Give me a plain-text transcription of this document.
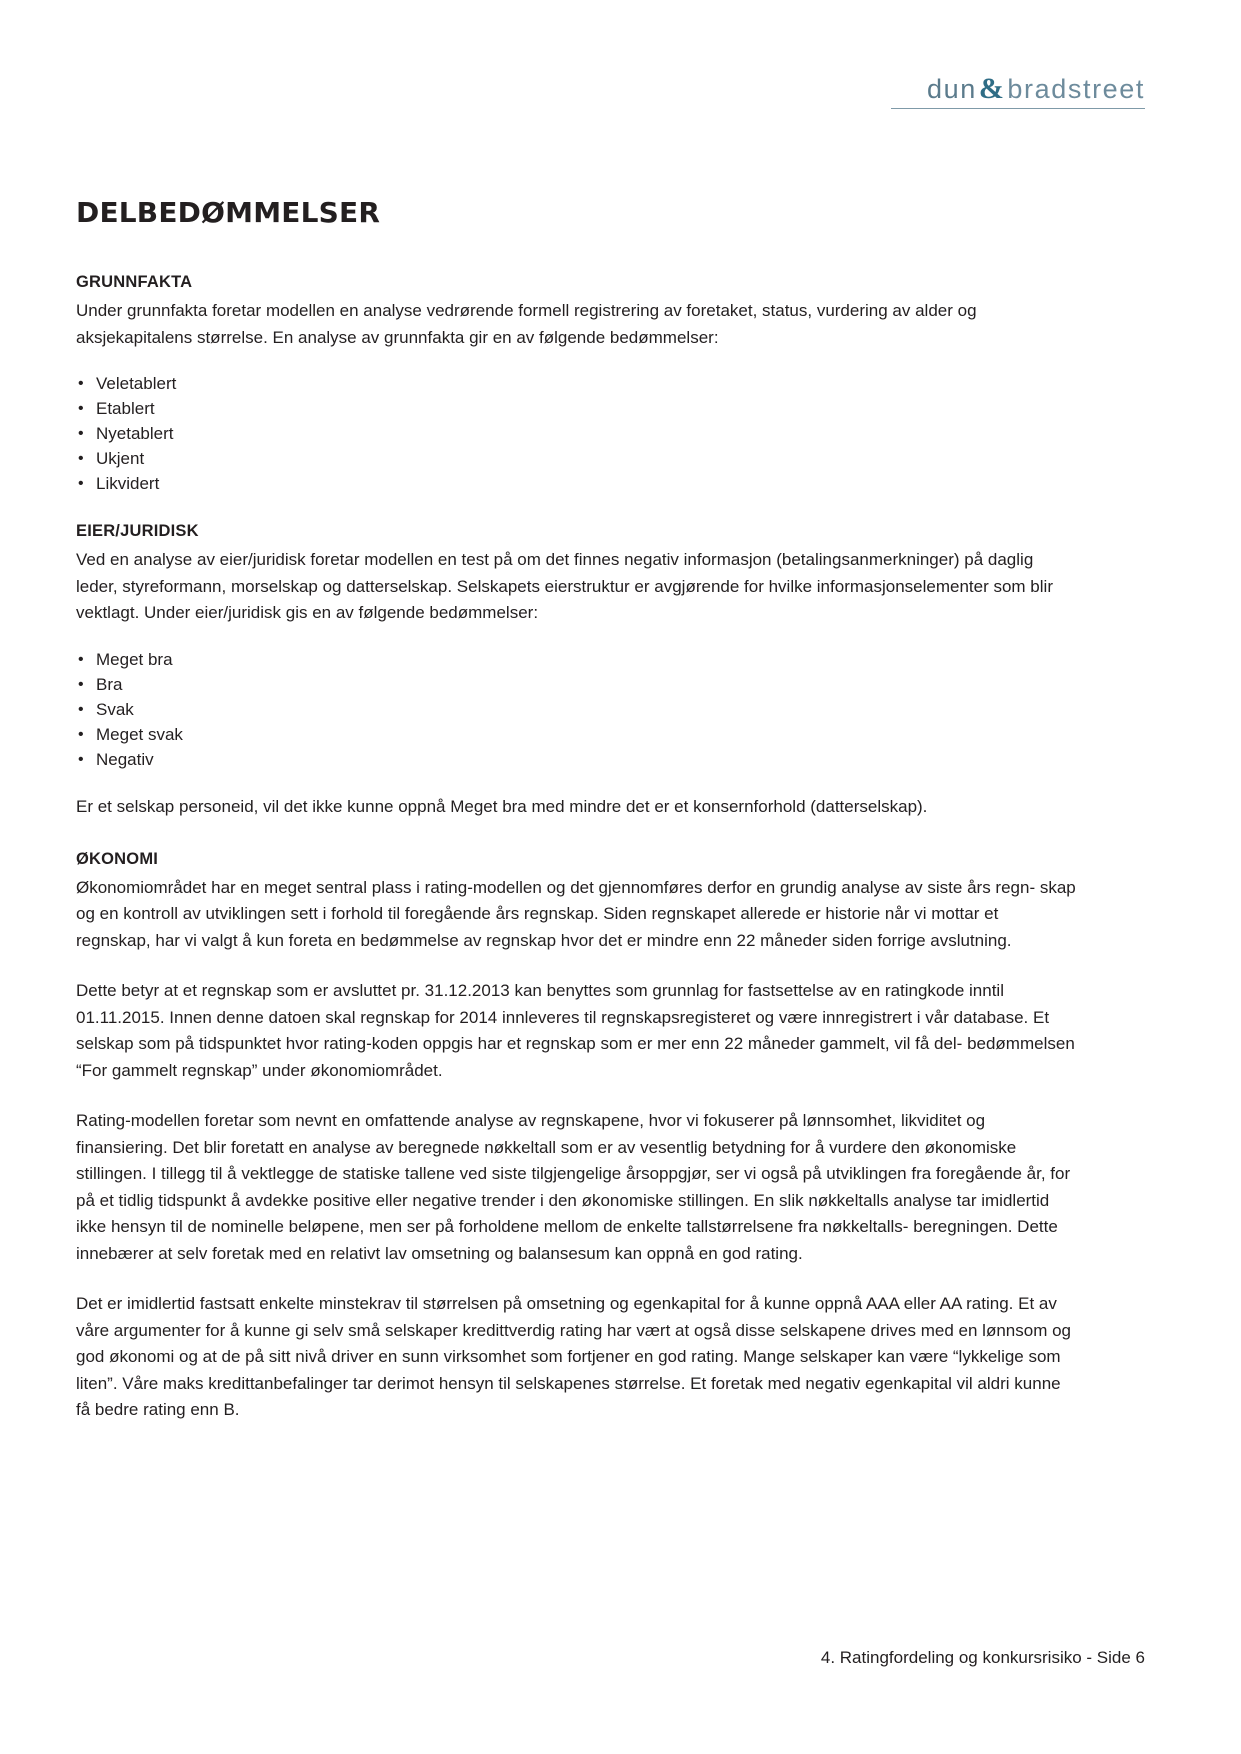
dun & bradstreet
DELBEDØMMELSER
GRUNNFAKTA

Under grunnfakta foretar modellen en analyse vedrørende formell registrering av foretaket, status, vurdering av alder og aksjekapitalens størrelse. En analyse av grunnfakta gir en av følgende bedømmelser:

• Veletablert
• Etablert
• Nyetablert
• Ukjent
• Likvidert
EIER/JURIDISK

Ved en analyse av eier/juridisk foretar modellen en test på om det finnes negativ informasjon (betalingsanmerkninger) på daglig leder, styreformann, morselskap og datterselskap. Selskapets eierstruktur er avgjørende for hvilke informasjonselementer som blir vektlagt. Under eier/juridisk gis en av følgende bedømmelser:

• Meget bra
• Bra
• Svak
• Meget svak
• Negativ

Er et selskap personeid, vil det ikke kunne oppnå Meget bra med mindre det er et konsernforhold (datterselskap).

ØKONOMI

Økonomiområdet har en meget sentral plass i rating-modellen og det gjennomføres derfor en grundig analyse av siste års regn- skap og en kontroll av utviklingen sett i forhold til foregående års regnskap. Siden regnskapet allerede er historie når vi mottar et regnskap, har vi valgt å kun foreta en bedømmelse av regnskap hvor det er mindre enn 22 måneder siden forrige avslutning.

Dette betyr at et regnskap som er avsluttet pr. 31.12.2013 kan benyttes som grunnlag for fastsettelse av en ratingkode inntil 01.11.2015. Innen denne datoen skal regnskap for 2014 innleveres til regnskapsregisteret og være innregistrert i vår database. Et selskap som på tidspunktet hvor rating-koden oppgis har et regnskap som er mer enn 22 måneder gammelt, vil få del- bedømmelsen “For gammelt regnskap” under økonomiområdet.

Rating-modellen foretar som nevnt en omfattende analyse av regnskapene, hvor vi fokuserer på lønnsomhet, likviditet og finansiering. Det blir foretatt en analyse av beregnede nøkkeltall som er av vesentlig betydning for å vurdere den økonomiske stillingen. I tillegg til å vektlegge de statiske tallene ved siste tilgjengelige årsoppgjør, ser vi også på utviklingen fra foregående år, for på et tidlig tidspunkt å avdekke positive eller negative trender i den økonomiske stillingen. En slik nøkkeltalls analyse tar imidlertid ikke hensyn til de nominelle beløpene, men ser på forholdene mellom de enkelte tallstørrelsene fra nøkkeltalls- beregningen. Dette innebærer at selv foretak med en relativt lav omsetning og balansesum kan oppnå en god rating.

Det er imidlertid fastsatt enkelte minstekrav til størrelsen på omsetning og egenkapital for å kunne oppnå AAA eller AA rating. Et av våre argumenter for å kunne gi selv små selskaper kredittverdig rating har vært at også disse selskapene drives med en lønnsom og god økonomi og at de på sitt nivå driver en sunn virksomhet som fortjener en god rating. Mange selskaper kan være “lykkelige som liten”. Våre maks kredittanbefalinger tar derimot hensyn til selskapenes størrelse. Et foretak med negativ egenkapital vil aldri kunne få bedre rating enn B.

4. Ratingfordeling og konkursrisiko - Side 6
